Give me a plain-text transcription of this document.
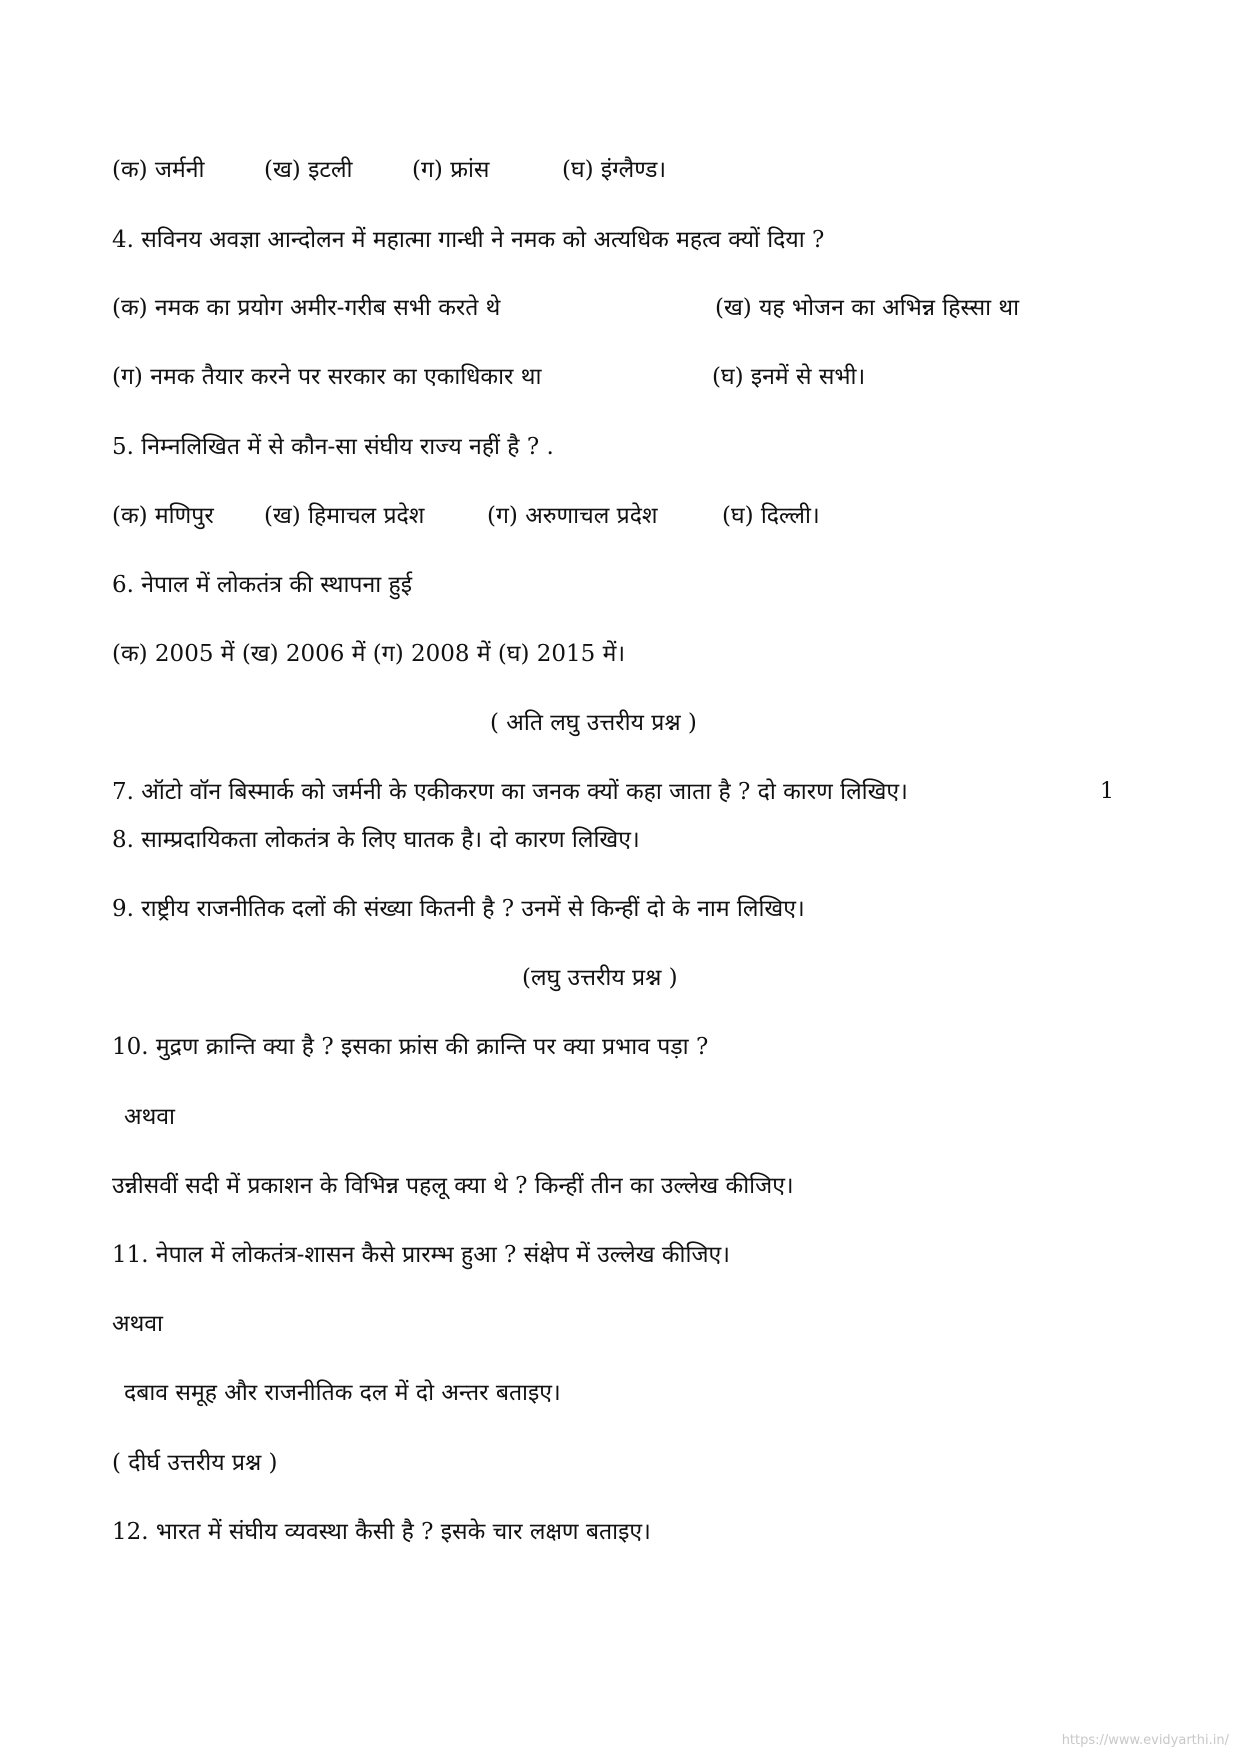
(क) जर्मनी	(ख) इटली	(ग) फ्रांस	(घ) इंग्लैण्ड।
4. सविनय अवज्ञा आन्दोलन में महात्मा गान्धी ने नमक को अत्यधिक महत्व क्यों दिया ?
(क) नमक का प्रयोग अमीर-गरीब सभी करते थे	(ख) यह भोजन का अभिन्न हिस्सा था
(ग) नमक तैयार करने पर सरकार का एकाधिकार था	(घ) इनमें से सभी।
5. निम्नलिखित में से कौन-सा संघीय राज्य नहीं है ? .
(क) मणिपुर (ख) हिमाचल प्रदेश	(ग) अरुणाचल प्रदेश	(घ) दिल्ली।
6. नेपाल में लोकतंत्र की स्थापना हुई
(क) 2005 में (ख) 2006 में (ग) 2008 में (घ) 2015 में।
( अति लघु उत्तरीय प्रश्न )
7. ऑटो वॉन बिस्मार्क को जर्मनी के एकीकरण का जनक क्यों कहा जाता है ? दो कारण लिखिए।	1
8. साम्प्रदायिकता लोकतंत्र के लिए घातक है। दो कारण लिखिए।
9. राष्ट्रीय राजनीतिक दलों की संख्या कितनी है ? उनमें से किन्हीं दो के नाम लिखिए।
(लघु उत्तरीय प्रश्न )
10. मुद्रण क्रान्ति क्या है ? इसका फ्रांस की क्रान्ति पर क्या प्रभाव पड़ा ?
अथवा
उन्नीसवीं सदी में प्रकाशन के विभिन्न पहलू क्या थे ? किन्हीं तीन का उल्लेख कीजिए।
11. नेपाल में लोकतंत्र-शासन कैसे प्रारम्भ हुआ ? संक्षेप में उल्लेख कीजिए।
अथवा
दबाव समूह और राजनीतिक दल में दो अन्तर बताइए।
( दीर्घ उत्तरीय प्रश्न )
12. भारत में संघीय व्यवस्था कैसी है ? इसके चार लक्षण बताइए।
https://www.evidyarthi.in/
